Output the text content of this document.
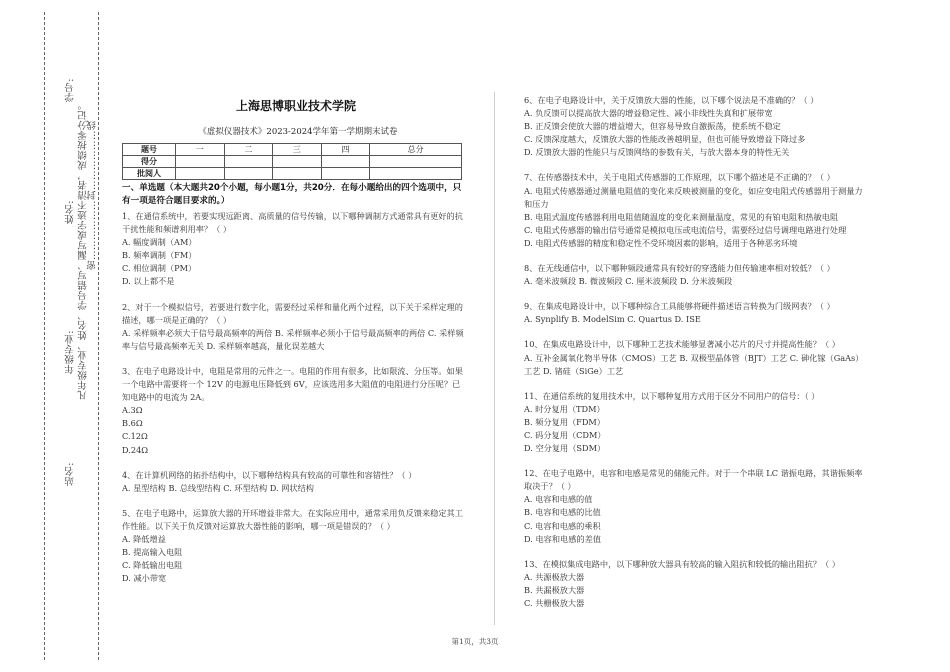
学号:
姓名: 凡年级专业、姓名、学号错写、漏写或字迹不清者，成绩按零分记。
年级专业:
密………………封………………线
站名:
上海思博职业技术学院
《虚拟仪器技术》2023-2024学年第一学期期末试卷
题号	一	二	三	四	总分
得分					
批阅人					

一、单选题（本大题共20个小题，每小题1分，共20分．在每小题给出的四个选项中，只有一项是符合题目要求的。）

1、在通信系统中，若要实现远距离、高质量的信号传输，以下哪种调制方式通常具有更好的抗干扰性能和频谱利用率？（ ）

A. 幅度调制（AM）

B. 频率调制（FM）

C. 相位调制（PM）

D. 以上都不是

2、对于一个模拟信号，若要进行数字化，需要经过采样和量化两个过程，以下关于采样定理的描述，哪一项是正确的？（ ）

A. 采样频率必须大于信号最高频率的两倍 B. 采样频率必须小于信号最高频率的两倍 C. 采样频率与信号最高频率无关 D. 采样频率越高，量化误差越大

3、在电子电路设计中，电阻是常用的元件之一。电阻的作用有很多，比如限流、分压等。如果一个电路中需要将一个 12V 的电源电压降低到 6V，应该选用多大阻值的电阻进行分压呢？已知电路中的电流为 2A。

A.3Ω

B.6Ω

C.12Ω

D.24Ω

4、在计算机网络的拓扑结构中，以下哪种结构具有较高的可靠性和容错性？（ ）

A. 星型结构 B. 总线型结构 C. 环型结构 D. 网状结构

5、在电子电路中，运算放大器的开环增益非常大。在实际应用中，通常采用负反馈来稳定其工作性能。以下关于负反馈对运算放大器性能的影响，哪一项是错误的？（ ）

A. 降低增益

B. 提高输入电阻

C. 降低输出电阻

D. 减小带宽

6、在电子电路设计中，关于反馈放大器的性能，以下哪个说法是不准确的？（ ）

A. 负反馈可以提高放大器的增益稳定性、减小非线性失真和扩展带宽

B. 正反馈会使放大器的增益增大，但容易导致自激振荡，使系统不稳定

C. 反馈深度越大，反馈放大器的性能改善越明显，但也可能导致增益下降过多

D. 反馈放大器的性能只与反馈网络的参数有关，与放大器本身的特性无关

7、在传感器技术中，关于电阻式传感器的工作原理，以下哪个描述是不正确的？（ ）

A. 电阻式传感器通过测量电阻值的变化来反映被测量的变化，如应变电阻式传感器用于测量力和压力

B. 电阻式温度传感器利用电阻值随温度的变化来测量温度，常见的有铂电阻和热敏电阻

C. 电阻式传感器的输出信号通常是模拟电压或电流信号，需要经过信号调理电路进行处理

D. 电阻式传感器的精度和稳定性不受环境因素的影响，适用于各种恶劣环境

8、在无线通信中，以下哪种频段通常具有较好的穿透能力但传输速率相对较低？（ ）

A. 毫米波频段 B. 微波频段 C. 厘米波频段 D. 分米波频段

9、在集成电路设计中，以下哪种综合工具能够将硬件描述语言转换为门级网表？（ ）

A. Synplify B. ModelSim C. Quartus D. ISE

10、在集成电路设计中，以下哪种工艺技术能够显著减小芯片的尺寸并提高性能？（ ）

A. 互补金属氧化物半导体（CMOS）工艺 B. 双极型晶体管（BJT）工艺 C. 砷化镓（GaAs）工艺 D. 锗硅（SiGe）工艺

11、在通信系统的复用技术中，以下哪种复用方式用于区分不同用户的信号：（ ）

A. 时分复用（TDM）

B. 频分复用（FDM）

C. 码分复用（CDM）

D. 空分复用（SDM）

12、在电子电路中，电容和电感是常见的储能元件。对于一个串联 LC 谐振电路，其谐振频率取决于？（ ）

A. 电容和电感的值

B. 电容和电感的比值

C. 电容和电感的乘积

D. 电容和电感的差值

13、在模拟集成电路中，以下哪种放大器具有较高的输入阻抗和较低的输出阻抗？（ ）

A. 共源极放大器

B. 共漏极放大器

C. 共栅极放大器

第1页，共3页
